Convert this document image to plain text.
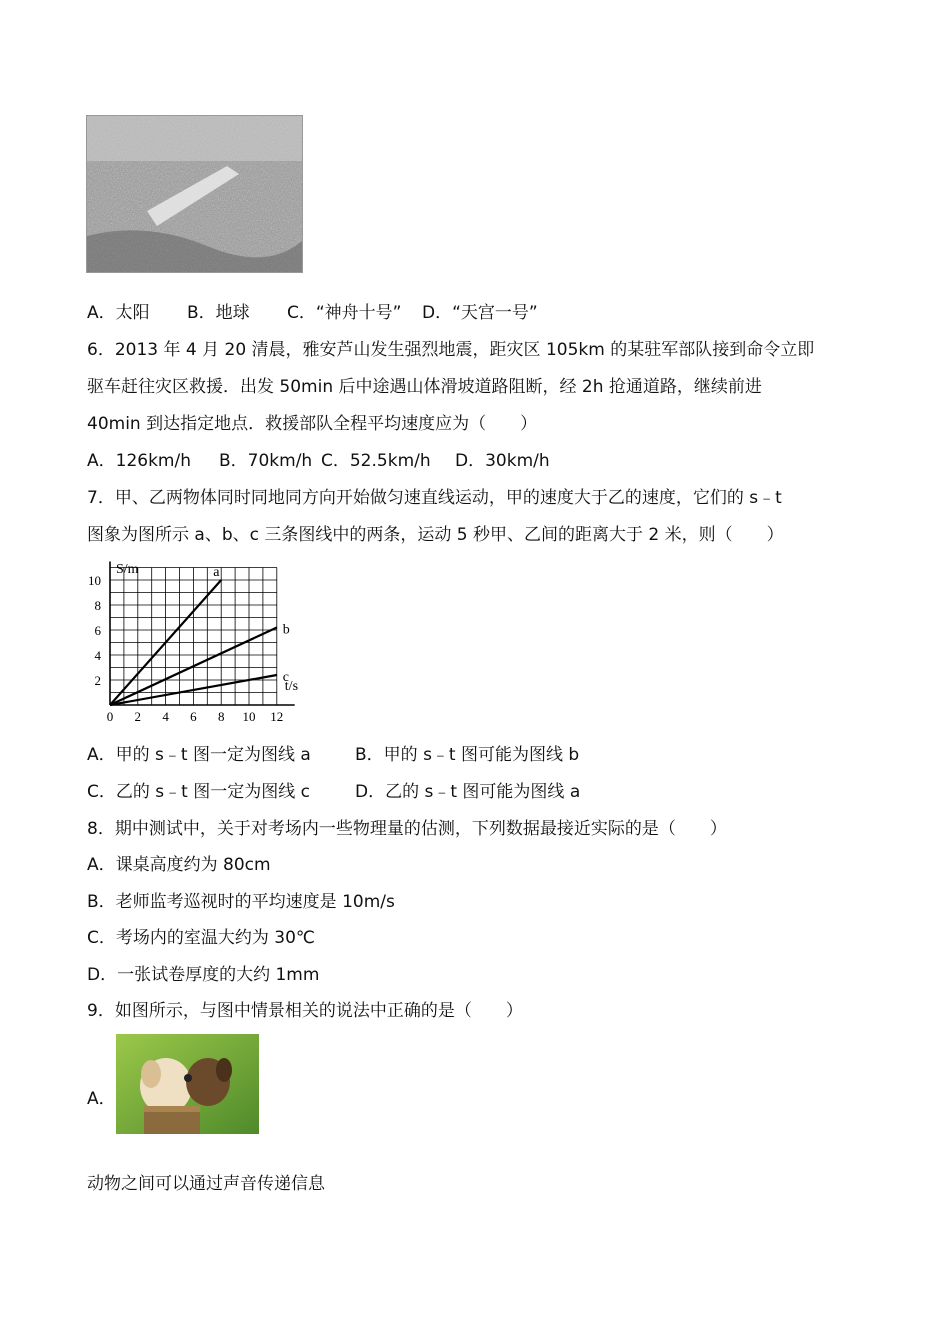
A．太阳 B．地球 C．“神舟十号” D．“天宫一号”
6．2013 年 4 月 20 清晨，雅安芦山发生强烈地震，距灾区 105km 的某驻军部队接到命令立即
驱车赶往灾区救援．出发 50min 后中途遇山体滑坡道路阻断，经 2h 抢通道路，继续前进
40min 到达指定地点．救援部队全程平均速度应为（　　）
A．126km/h B．70km/h C．52.5km/h D．30km/h
7．甲、乙两物体同时同地同方向开始做匀速直线运动，甲的速度大于乙的速度，它们的 s﹣t
图象为图所示 a、b、c 三条图线中的两条，运动 5 秒甲、乙间的距离大于 2 米，则（　　）
0 2 4 6 8 10 12
2
4
6
8
10
a
b
c
S/m
t/s
A．甲的 s﹣t 图一定为图线 a	B．甲的 s﹣t 图可能为图线 b
C．乙的 s﹣t 图一定为图线 c	D．乙的 s﹣t 图可能为图线 a
8．期中测试中，关于对考场内一些物理量的估测，下列数据最接近实际的是（　　）
A．课桌高度约为 80cm
B．老师监考巡视时的平均速度是 10m/s
C．考场内的室温大约为 30℃
D．一张试卷厚度的大约 1mm
9．如图所示，与图中情景相关的说法中正确的是（　　）
A．
动物之间可以通过声音传递信息
